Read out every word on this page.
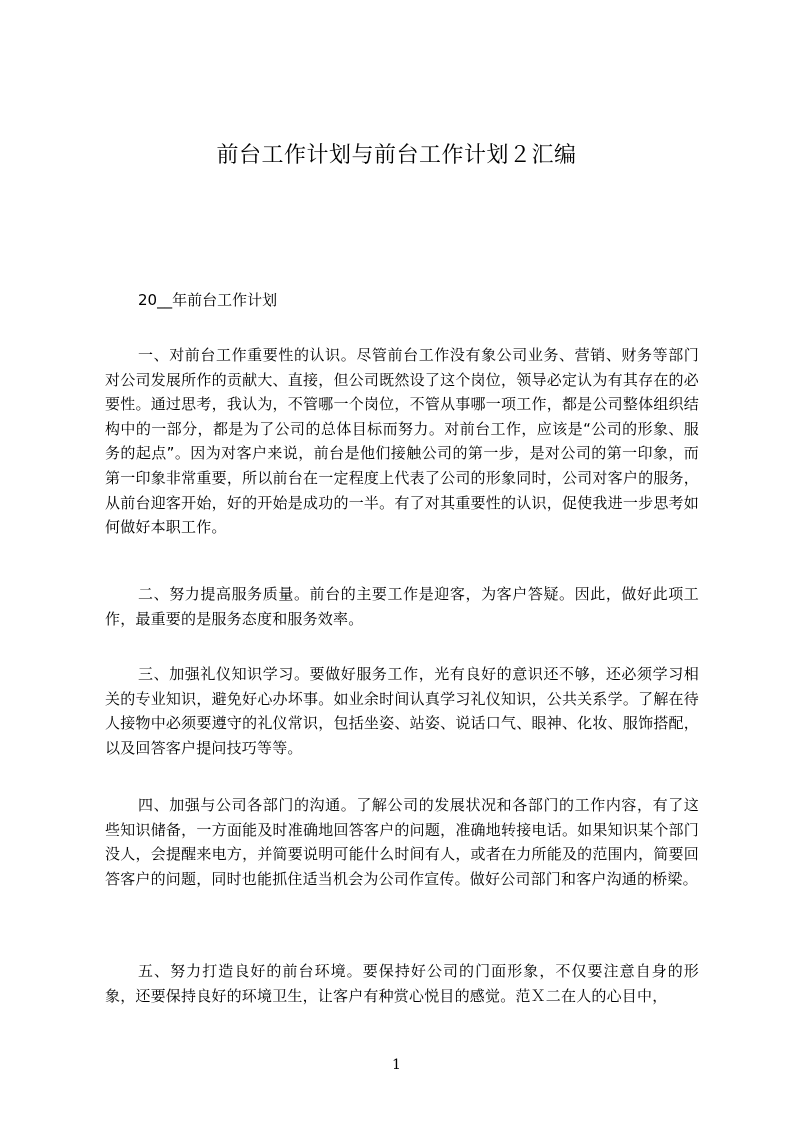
前台工作计划与前台工作计划２汇编

20__年前台工作计划

一、对前台工作重要性的认识。尽管前台工作没有象公司业务、营销、财务等部门对公司发展所作的贡献大、直接，但公司既然设了这个岗位，领导必定认为有其存在的必要性。通过思考，我认为，不管哪一个岗位，不管从事哪一项工作，都是公司整体组织结构中的一部分，都是为了公司的总体目标而努力。对前台工作，应该是“公司的形象、服务的起点”。因为对客户来说，前台是他们接触公司的第一步，是对公司的第一印象，而第一印象非常重要，所以前台在一定程度上代表了公司的形象同时，公司对客户的服务，从前台迎客开始，好的开始是成功的一半。有了对其重要性的认识，促使我进一步思考如何做好本职工作。

二、努力提高服务质量。前台的主要工作是迎客，为客户答疑。因此，做好此项工作，最重要的是服务态度和服务效率。

三、加强礼仪知识学习。要做好服务工作，光有良好的意识还不够，还必须学习相关的专业知识，避免好心办坏事。如业余时间认真学习礼仪知识，公共关系学。了解在待人接物中必须要遵守的礼仪常识，包括坐姿、站姿、说话口气、眼神、化妆、服饰搭配，以及回答客户提问技巧等等。

四、加强与公司各部门的沟通。了解公司的发展状况和各部门的工作内容，有了这些知识储备，一方面能及时准确地回答客户的问题，准确地转接电话。如果知识某个部门没人，会提醒来电方，并简要说明可能什么时间有人，或者在力所能及的范围内，简要回答客户的问题，同时也能抓住适当机会为公司作宣传。做好公司部门和客户沟通的桥梁。

五、努力打造良好的前台环境。要保持好公司的门面形象，不仅要注意自身的形象，还要保持良好的环境卫生，让客户有种赏心悦目的感觉。范Ｘ二在人的心目中，

1
